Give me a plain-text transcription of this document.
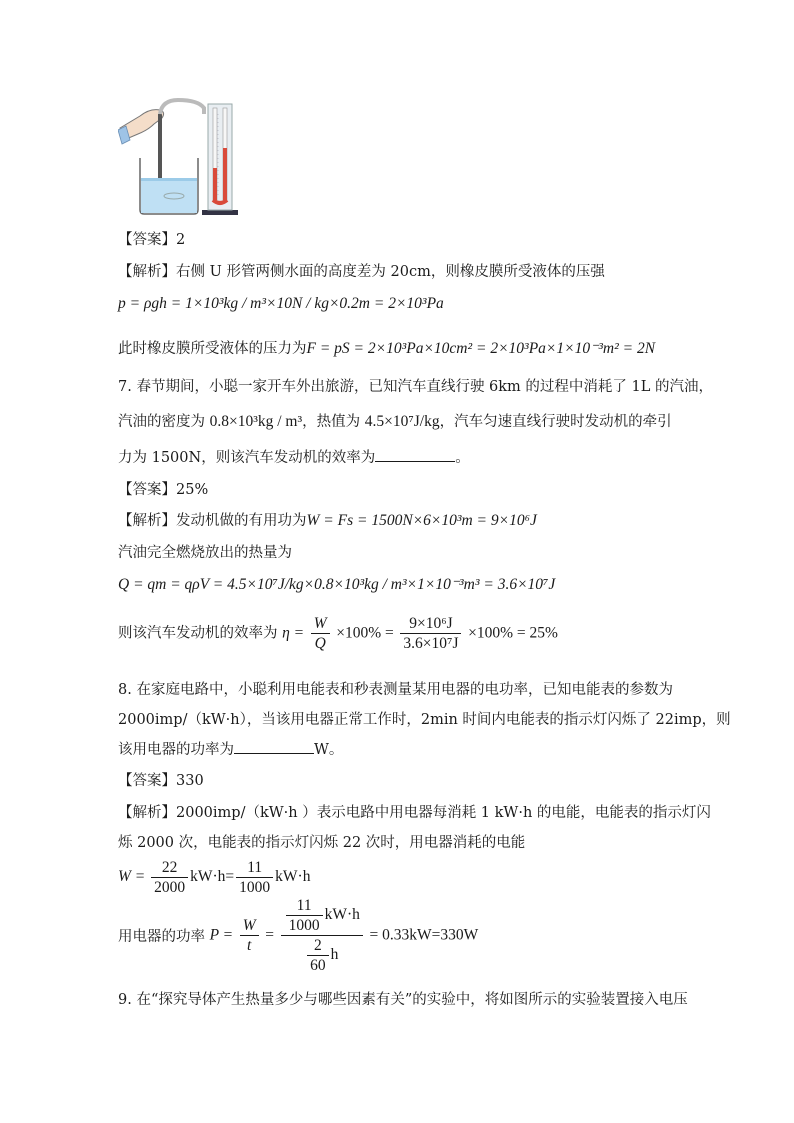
【答案】2
【解析】右侧 U 形管两侧水面的高度差为 20cm，则橡皮膜所受液体的压强
p = ρgh = 1×10³kg / m³×10N / kg×0.2m = 2×10³Pa
此时橡皮膜所受液体的压力为F = pS = 2×10³Pa×10cm² = 2×10³Pa×1×10⁻³m² = 2N
7. 春节期间，小聪一家开车外出旅游，已知汽车直线行驶 6km 的过程中消耗了 1L 的汽油，
汽油的密度为 0.8×10³kg / m³，热值为 4.5×10⁷J/kg，汽车匀速直线行驶时发动机的牵引
力为 1500N，则该汽车发动机的效率为	。
【答案】25%
【解析】发动机做的有用功为W = Fs = 1500N×6×10³m = 9×10⁶J
汽油完全燃烧放出的热量为
Q = qm = qρV = 4.5×10⁷J/kg×0.8×10³kg / m³×1×10⁻³m³ = 3.6×10⁷J
则该汽车发动机的效率为 $\eta = \frac{W}{Q} \times 100\% = \frac{\text{9×10⁶J}}{\text{3.6×10⁷J}} \times 100\% = 25\%$
8. 在家庭电路中，小聪利用电能表和秒表测量某用电器的电功率，已知电能表的参数为
2000imp/（kW·h），当该用电器正常工作时，2min 时间内电能表的指示灯闪烁了 22imp，则
该用电器的功率为	W。
【答案】330
【解析】2000imp/（kW·h ）表示电路中用电器每消耗 1 kW·h 的电能，电能表的指示灯闪
烁 2000 次，电能表的指示灯闪烁 22 次时，用电器消耗的电能
$W = \frac{22}{2000} kW\cdot h= \frac{11}{1000} kW\cdot h$
用电器的功率 $P = \frac{W}{t} = \frac{\frac{11}{1000} kW\cdot h}{\frac{2}{60} h} = 0.33kW=330W$
9. 在“探究导体产生热量多少与哪些因素有关”的实验中，将如图所示的实验装置接入电压
